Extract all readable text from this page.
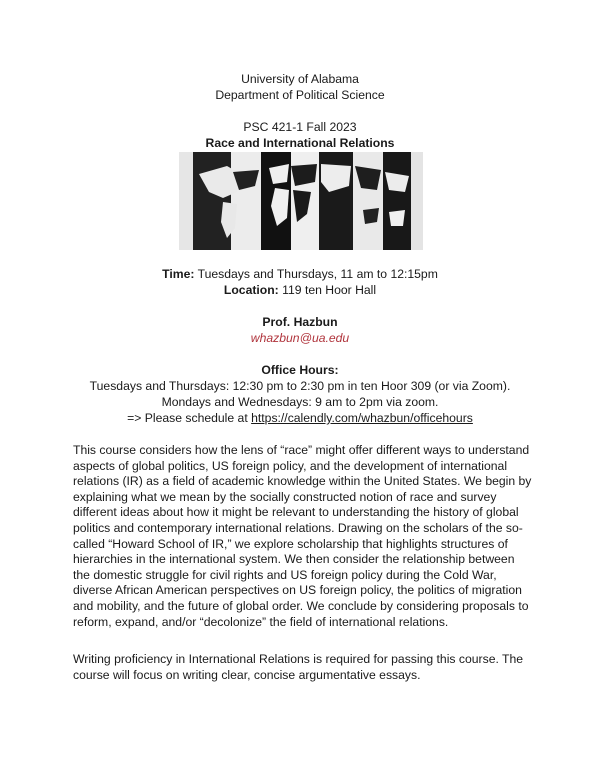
University of Alabama
Department of Political Science
PSC 421-1 Fall 2023
Race and International Relations
Time: Tuesdays and Thursdays, 11 am to 12:15pm
Location: 119 ten Hoor Hall
Prof. Hazbun
whazbun@ua.edu
Office Hours:
Tuesdays and Thursdays: 12:30 pm to 2:30 pm in ten Hoor 309 (or via Zoom).
Mondays and Wednesdays: 9 am to 2pm via zoom.
=> Please schedule at https://calendly.com/whazbun/officehours
This course considers how the lens of “race” might offer different ways to understand aspects of global politics, US foreign policy, and the development of international relations (IR) as a field of academic knowledge within the United States. We begin by explaining what we mean by the socially constructed notion of race and survey different ideas about how it might be relevant to understanding the history of global politics and contemporary international relations. Drawing on the scholars of the so-called “Howard School of IR,” we explore scholarship that highlights structures of hierarchies in the international system. We then consider the relationship between the domestic struggle for civil rights and US foreign policy during the Cold War, diverse African American perspectives on US foreign policy, the politics of migration and mobility, and the future of global order. We conclude by considering proposals to reform, expand, and/or “decolonize” the field of international relations.
Writing proficiency in International Relations is required for passing this course. The course will focus on writing clear, concise argumentative essays.
